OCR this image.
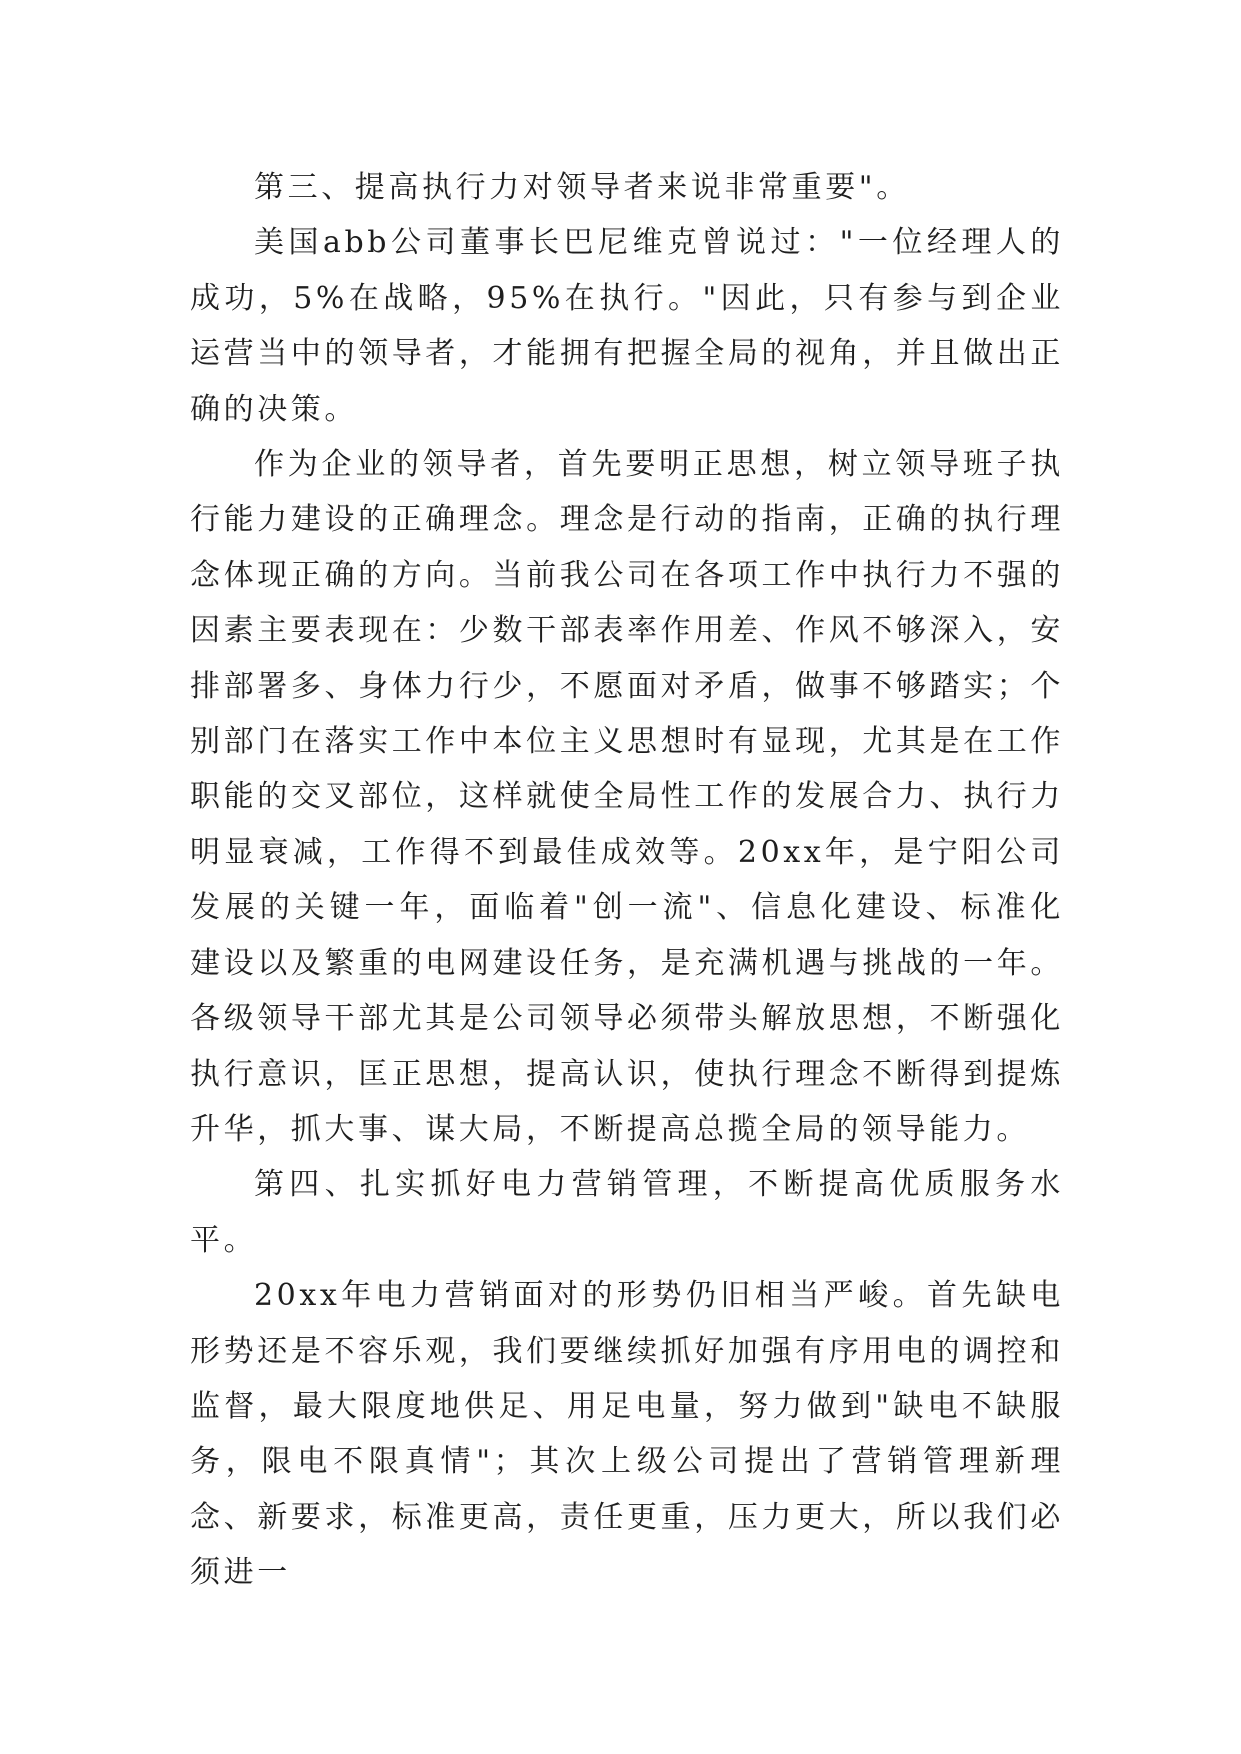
第三、提高执行力对领导者来说非常重要"。

美国abb公司董事长巴尼维克曾说过："一位经理人的成功，5%在战略，95%在执行。"因此，只有参与到企业运营当中的领导者，才能拥有把握全局的视角，并且做出正确的决策。

作为企业的领导者，首先要明正思想，树立领导班子执行能力建设的正确理念。理念是行动的指南，正确的执行理念体现正确的方向。当前我公司在各项工作中执行力不强的因素主要表现在：少数干部表率作用差、作风不够深入，安排部署多、身体力行少，不愿面对矛盾，做事不够踏实；个别部门在落实工作中本位主义思想时有显现，尤其是在工作职能的交叉部位，这样就使全局性工作的发展合力、执行力明显衰减，工作得不到最佳成效等。20xx年，是宁阳公司发展的关键一年，面临着"创一流"、信息化建设、标准化建设以及繁重的电网建设任务，是充满机遇与挑战的一年。各级领导干部尤其是公司领导必须带头解放思想，不断强化执行意识，匡正思想，提高认识，使执行理念不断得到提炼升华，抓大事、谋大局，不断提高总揽全局的领导能力。

第四、扎实抓好电力营销管理，不断提高优质服务水平。

20xx年电力营销面对的形势仍旧相当严峻。首先缺电形势还是不容乐观，我们要继续抓好加强有序用电的调控和监督，最大限度地供足、用足电量，努力做到"缺电不缺服务，限电不限真情"；其次上级公司提出了营销管理新理念、新要求，标准更高，责任更重，压力更大，所以我们必须进一
